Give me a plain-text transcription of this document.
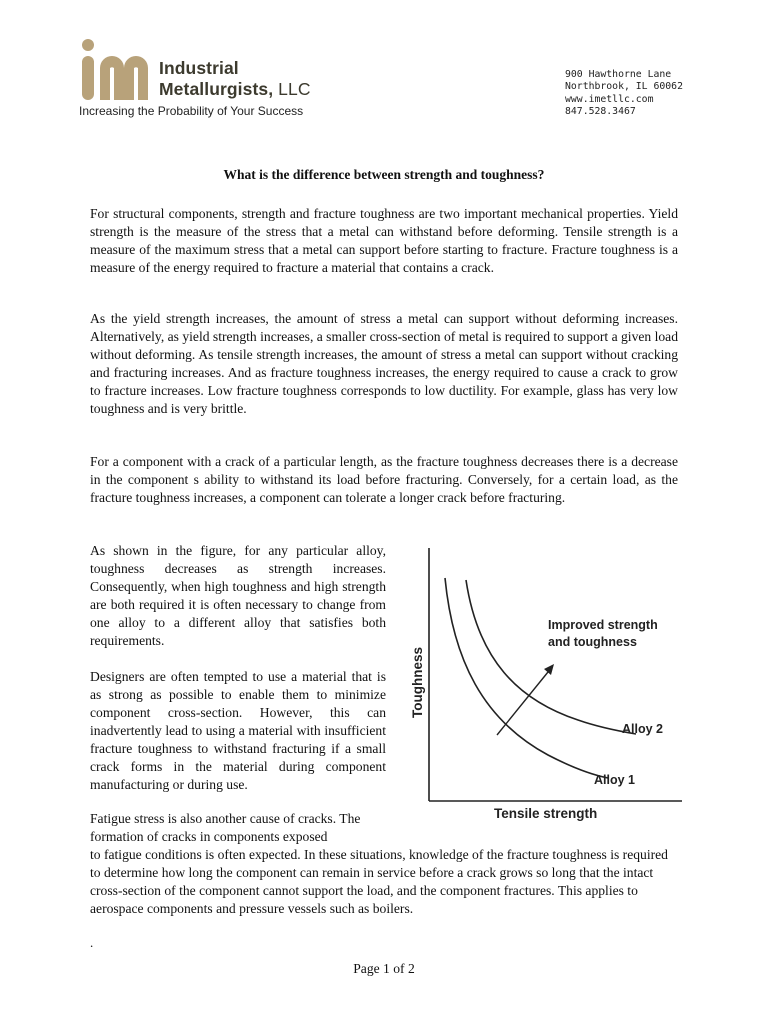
Industrial
Metallurgists, LLC
Increasing the Probability of Your Success
900 Hawthorne Lane
Northbrook, IL 60062
www.imetllc.com
847.528.3467
What is the difference between strength and toughness?
For structural components, strength and fracture toughness are two important mechanical properties. Yield strength is the measure of the stress that a metal can withstand before deforming. Tensile strength is a measure of the maximum stress that a metal can support before starting to fracture. Fracture toughness is a measure of the energy required to fracture a material that contains a crack.
As the yield strength increases, the amount of stress a metal can support without deforming increases. Alternatively, as yield strength increases, a smaller cross-section of metal is required to support a given load without deforming. As tensile strength increases, the amount of stress a metal can support without cracking and fracturing increases. And as fracture toughness increases, the energy required to cause a crack to grow to fracture increases. Low fracture toughness corresponds to low ductility. For example, glass has very low toughness and is very brittle.
For a component with a crack of a particular length, as the fracture toughness decreases there is a decrease in the component s ability to withstand its load before fracturing. Conversely, for a certain load, as the fracture toughness increases, a component can tolerate a longer crack before fracturing.
As shown in the figure, for any particular alloy, toughness decreases as strength increases. Consequently, when high toughness and high strength are both required it is often necessary to change from one alloy to a different alloy that satisfies both requirements.
Designers are often tempted to use a material that is as strong as possible to enable them to minimize component cross-section. However, this can inadvertently lead to using a material with insufficient fracture toughness to withstand fracturing if a small crack forms in the material during component manufacturing or during use.
Fatigue stress is also another cause of cracks. The formation of cracks in components exposed
to fatigue conditions is often expected. In these situations, knowledge of the fracture toughness is required to determine how long the component can remain in service before a crack grows so long that the intact cross-section of the component cannot support the load, and the component fractures. This applies to aerospace components and pressure vessels such as boilers.
.
Improved strength
and toughness
Alloy 2
Alloy 1
Tensile strength
Toughness
Page 1 of 2
